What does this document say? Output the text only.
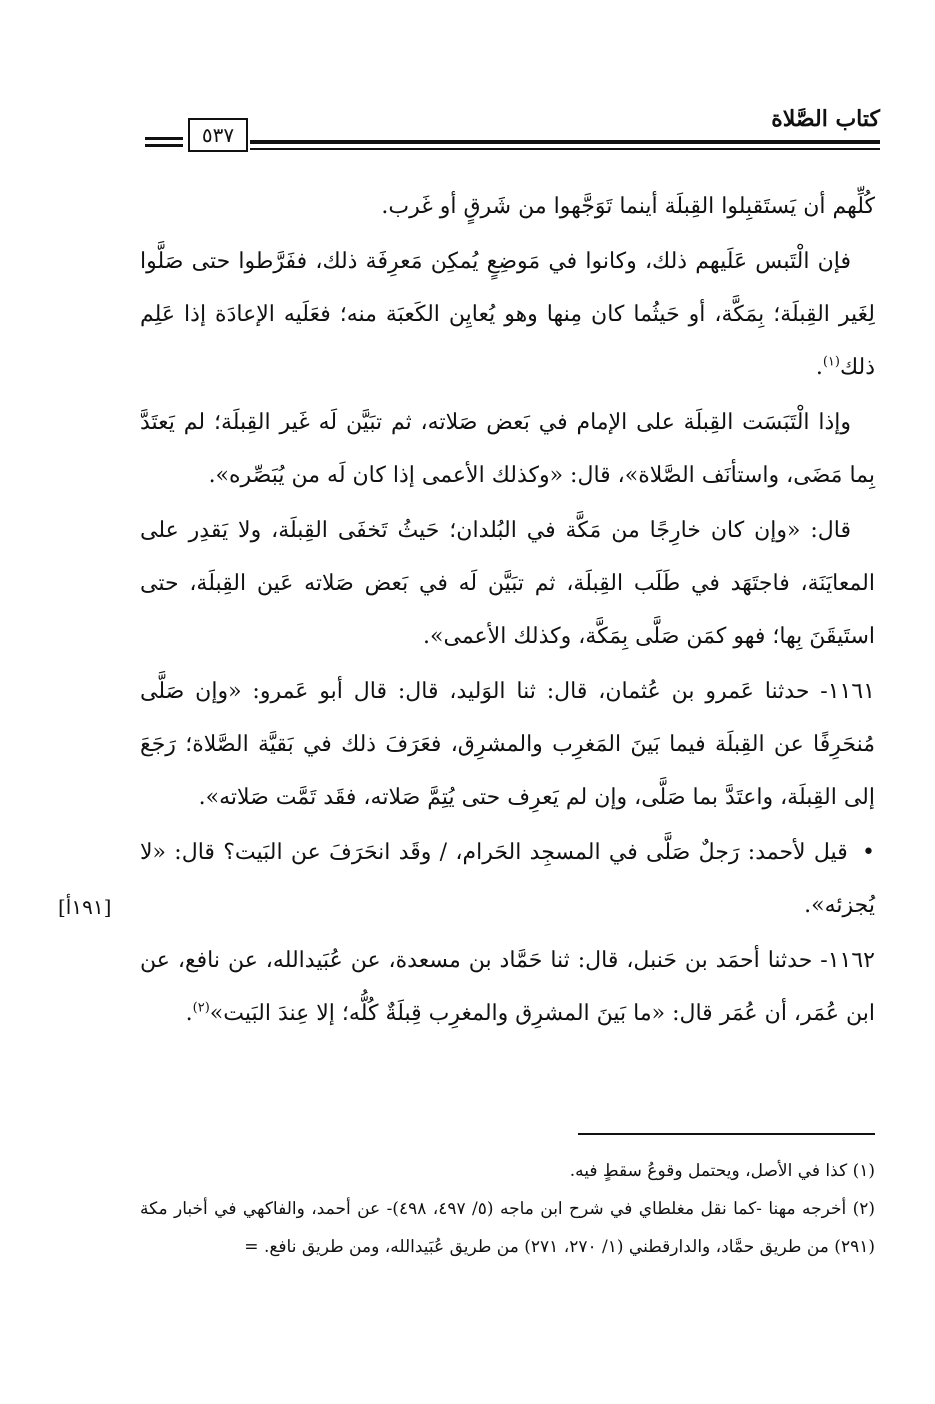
كتاب الصَّلاة
٥٣٧

كُلِّهم أن يَستَقبِلوا القِبلَة أينما تَوَجَّهوا من شَرقٍ أو غَرب.

فإن الْتَبس عَلَيهم ذلك، وكانوا في مَوضِعٍ يُمكِن مَعرِفَة ذلك، ففَرَّطوا حتى صَلَّوا لِغَير القِبلَة؛ بِمَكَّة، أو حَيثُما كان مِنها وهو يُعايِن الكَعبَة منه؛ فعَلَيه الإعادَة إذا عَلِم ذلك$^{(١)}$.

وإذا الْتَبَسَت القِبلَة على الإمام في بَعض صَلاته، ثم تبَيَّن لَه غَير القِبلَة؛ لم يَعتَدَّ بِما مَضَى، واستأنَف الصَّلاة»، قال: «وكذلك الأعمى إذا كان لَه من يُبَصِّره».

قال: «وإن كان خارِجًا من مَكَّة في البُلدان؛ حَيثُ تَخفَى القِبلَة، ولا يَقدِر على المعايَنَة، فاجتَهَد في طَلَب القِبلَة، ثم تبَيَّن لَه في بَعض صَلاته عَين القِبلَة، حتى استَيقَنَ بِها؛ فهو كمَن صَلَّى بِمَكَّة، وكذلك الأعمى».

١١٦١- حدثنا عَمرو بن عُثمان، قال: ثنا الوَليد، قال: قال أبو عَمرو: «وإن صَلَّى مُنحَرِفًا عن القِبلَة فيما بَينَ المَغرِب والمشرِق، فعَرَفَ ذلك في بَقيَّة الصَّلاة؛ رَجَعَ إلى القِبلَة، واعتَدَّ بما صَلَّى، وإن لم يَعرِف حتى يُتِمَّ صَلاته، فقَد تَمَّت صَلاته».

• قيل لأحمد: رَجلٌ صَلَّى في المسجِد الحَرام، / وقَد انحَرَفَ عن البَيت؟ قال: «لا يُجزئه».

١١٦٢- حدثنا أحمَد بن حَنبل، قال: ثنا حَمَّاد بن مسعدة، عن عُبَيدالله، عن نافع، عن ابن عُمَر، أن عُمَر قال: «ما بَينَ المشرِق والمغرِب قِبلَةٌ كُلُّه؛ إلا عِندَ البَيت»$^{(٢)}$.

[١٩١أ]

(١) كذا في الأصل، ويحتمل وقوعُ سقطٍ فيه.

(٢) أخرجه مهنا -كما نقل مغلطاي في شرح ابن ماجه (٥/ ٤٩٧، ٤٩٨)- عن أحمد، والفاكهي في أخبار مكة (٢٩١) من طريق حمَّاد، والدارقطني (١/ ٢٧٠، ٢٧١) من طريق عُبَيدالله، ومن طريق نافع. =
